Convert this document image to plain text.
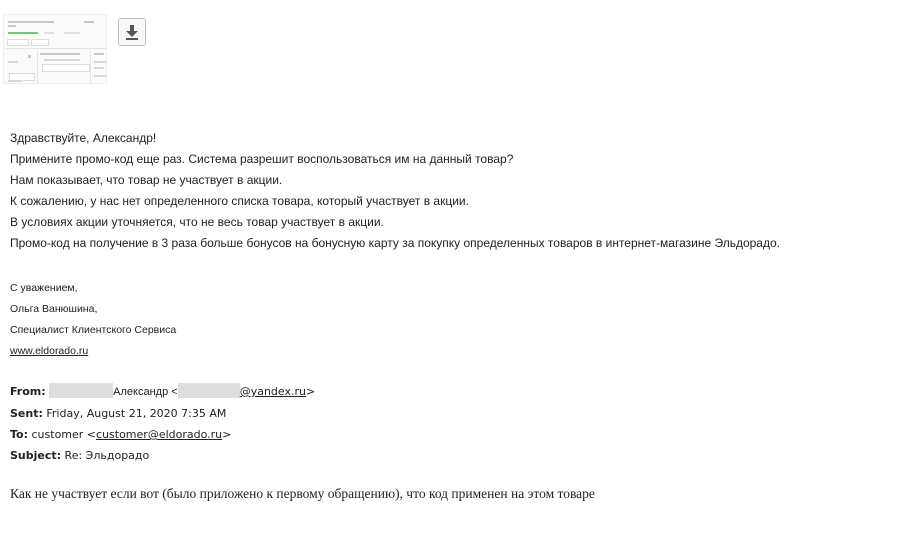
Здравствуйте, Александр!
Примените промо-код еще раз. Система разрешит воспользоваться им на данный товар?
Нам показывает, что товар не участвует в акции.
К сожалению, у нас нет определенного списка товара, который участвует в акции.
В условиях акции уточняется, что не весь товар участвует в акции.
Промо-код на получение в 3 раза больше бонусов на бонусную карту за покупку определенных товаров в интернет-магазине Эльдорадо.
С уважением,
Ольга Ванюшина,
Специалист Клиентского Сервиса
www.eldorado.ru
From:	Александр <	@yandex.ru>
Sent: Friday, August 21, 2020 7:35 AM
To: customer <customer@eldorado.ru>
Subject: Re: Эльдорадо
Как не участвует если вот (было приложено к первому обращению), что код применен на этом товаре
